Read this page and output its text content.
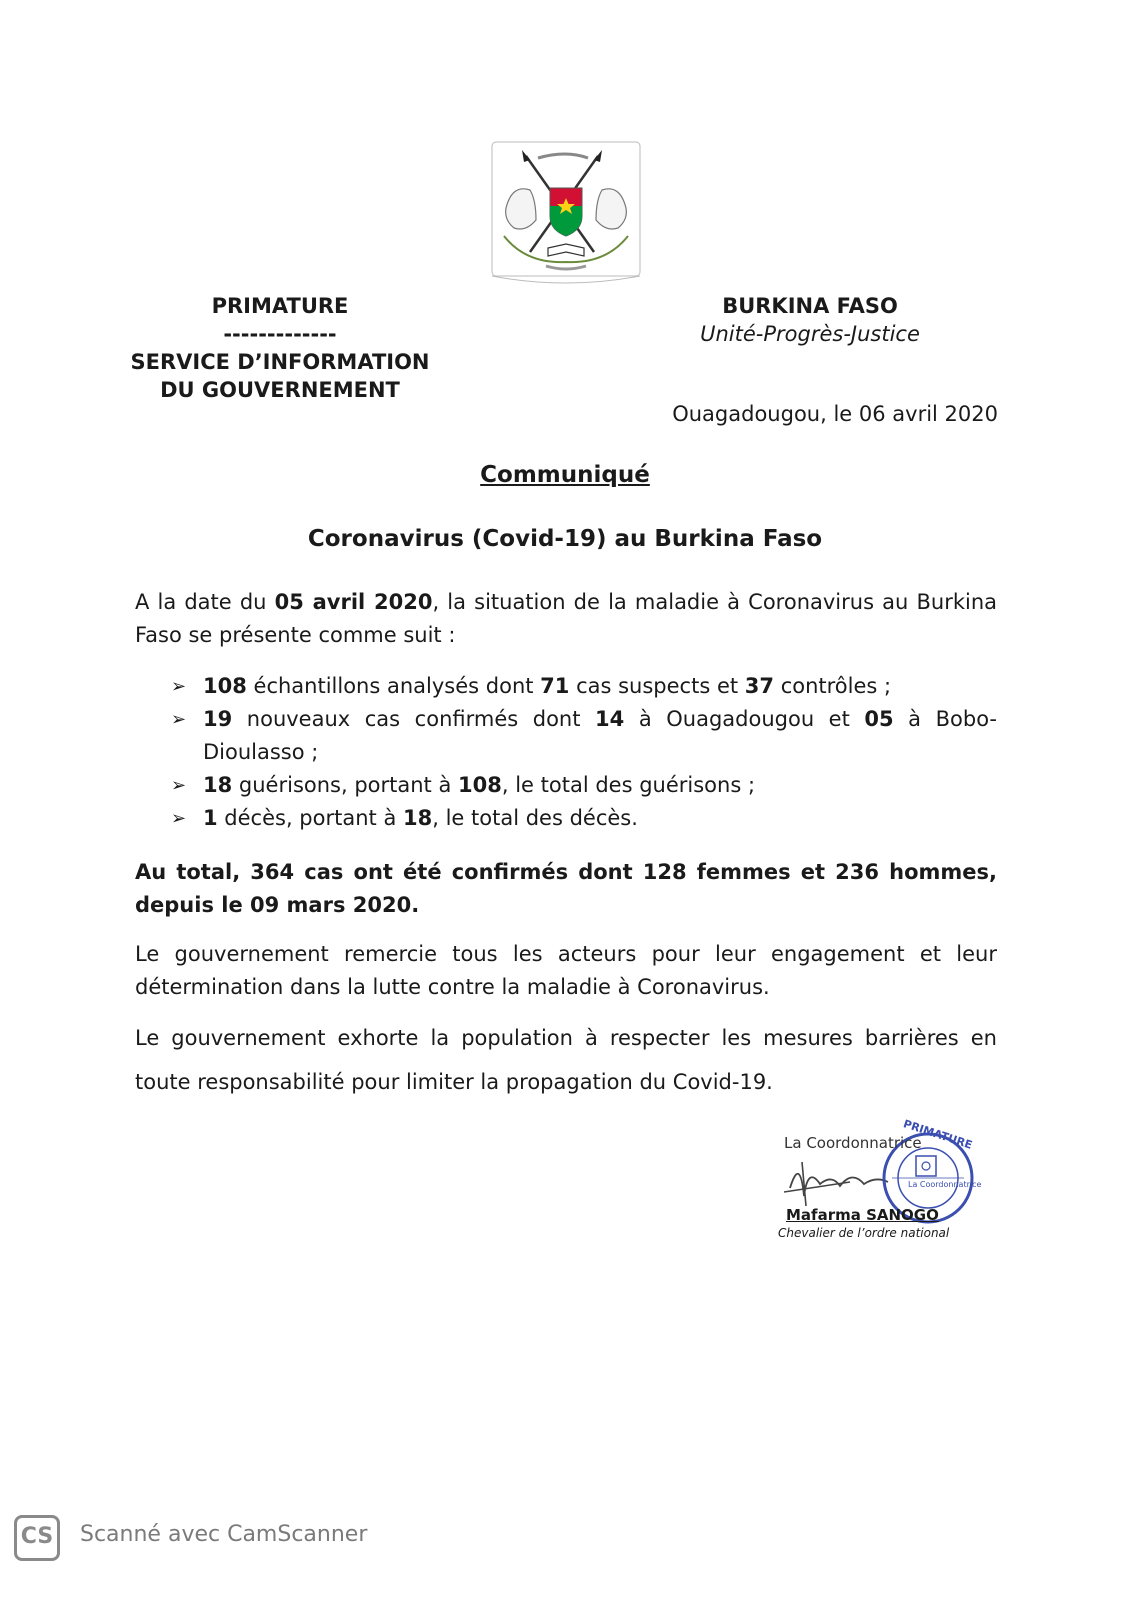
PRIMATURE
-------------
SERVICE D’INFORMATION
DU GOUVERNEMENT
BURKINA FASO
Unité-Progrès-Justice
Ouagadougou, le 06 avril 2020
Communiqué
Coronavirus (Covid-19) au Burkina Faso
A la date du 05 avril 2020, la situation de la maladie à Coronavirus au Burkina Faso se présente comme suit :
➢ 108 échantillons analysés dont 71 cas suspects et 37 contrôles ;
➢ 19 nouveaux cas confirmés dont 14 à Ouagadougou et 05 à Bobo-Dioulasso ;
➢ 18 guérisons, portant à 108, le total des guérisons ;
➢ 1 décès, portant à 18, le total des décès.
Au total, 364 cas ont été confirmés dont 128 femmes et 236 hommes, depuis le 09 mars 2020.
Le gouvernement remercie tous les acteurs pour leur engagement et leur détermination dans la lutte contre la maladie à Coronavirus.
Le gouvernement exhorte la population à respecter les mesures barrières en toute responsabilité pour limiter la propagation du Covid-19.
PRIMATURE
La Coordonnatrice
La Coordonnatrice
Mafarma SANOGO
Chevalier de l’ordre national
CS	Scanné avec CamScanner
